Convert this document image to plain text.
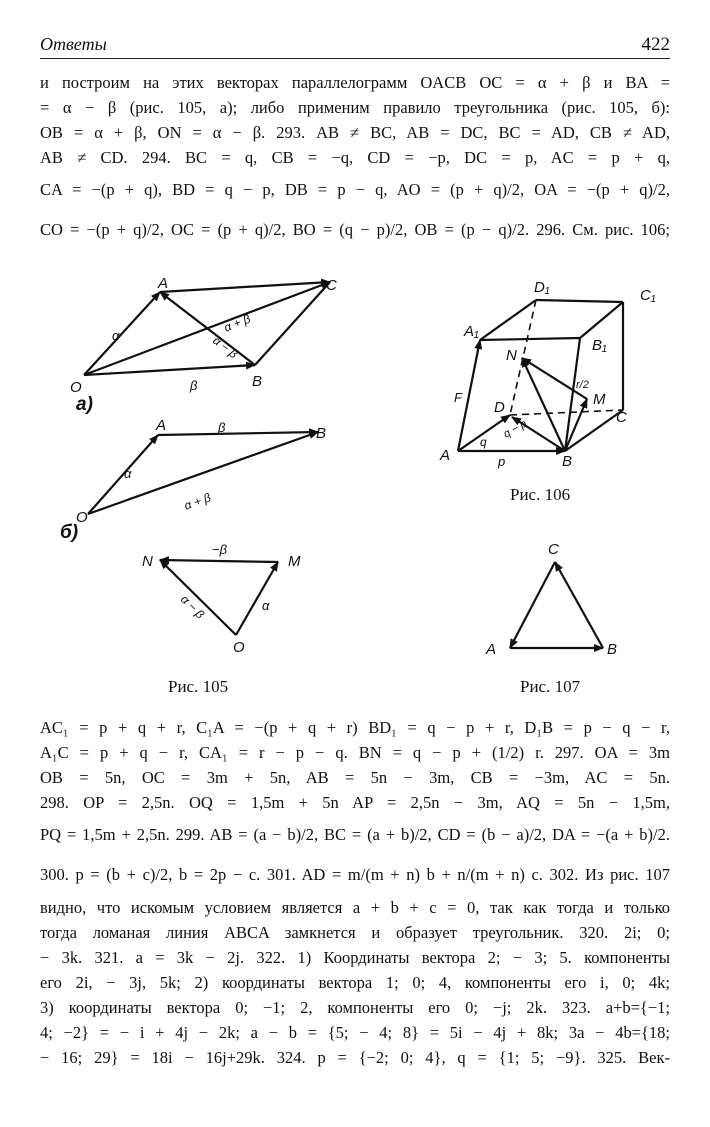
Ответы	422
и построим на этих векторах параллелограмм OACB OC = α + β и BA =
= α − β (рис. 105, а); либо применим правило треугольника (рис. 105, б):
OB = α + β, ON = α − β. 293. AB ≠ BC, AB = DC, BC = AD, CB ≠ AD,
AB ≠ CD. 294. BC = q, CB = −q, CD = −p, DC = p, AC = p + q,
CA = −(p + q), BD = q − p, DB = p − q, AO = (p + q)/2, OA = −(p + q)/2,
CO = −(p + q)/2, OC = (p + q)/2, BO = (q − p)/2, OB = (p − q)/2. 296. См. рис. 106;
A	C
O	B
α
β
α + β
α − β
а)
A	B
O
β
α
α + β
б)
N	M
O
−β
α
α − β
D₁	C₁
A₁
B₁
N
M
D
C
A	B
F
p
q
r/2
q − p
C
A	B
Рис. 106
Рис. 105	Рис. 107
AC₁ = p + q + r, C₁A = −(p + q + r) BD₁ = q − p + r, D₁B = p − q − r,
A₁C = p + q − r, CA₁ = r − p − q. BN = q − p + (1/2) r. 297. OA = 3m
OB = 5n, OC = 3m + 5n, AB = 5n − 3m, CB = −3m, AC = 5n.
298. OP = 2,5n. OQ = 1,5m + 5n AP = 2,5n − 3m, AQ = 5n − 1,5m,
PQ = 1,5m + 2,5n. 299. AB = (a − b)/2, BC = (a + b)/2, CD = (b − a)/2, DA = −(a + b)/2.
300. p = (b + c)/2, b = 2p − c. 301. AD = m/(m + n) b + n/(m + n) c. 302. Из рис. 107
видно, что искомым условием является a + b + c = 0, так как тогда и только
тогда ломаная линия ABCA замкнется и образует треугольник. 320. 2i; 0;
− 3k. 321. a = 3k − 2j. 322. 1) Координаты вектора 2; − 3; 5. компоненты
его 2i, − 3j, 5k; 2) координаты вектора 1; 0; 4, компоненты его i, 0; 4k;
3) координаты вектора 0; −1; 2, компоненты его 0; −j; 2k. 323. a+b={−1;
4; −2} = − i + 4j − 2k; a − b = {5; − 4; 8} = 5i − 4j + 8k; 3a − 4b={18;
− 16; 29} = 18i − 16j+29k. 324. p = {−2; 0; 4}, q = {1; 5; −9}. 325. Век-
